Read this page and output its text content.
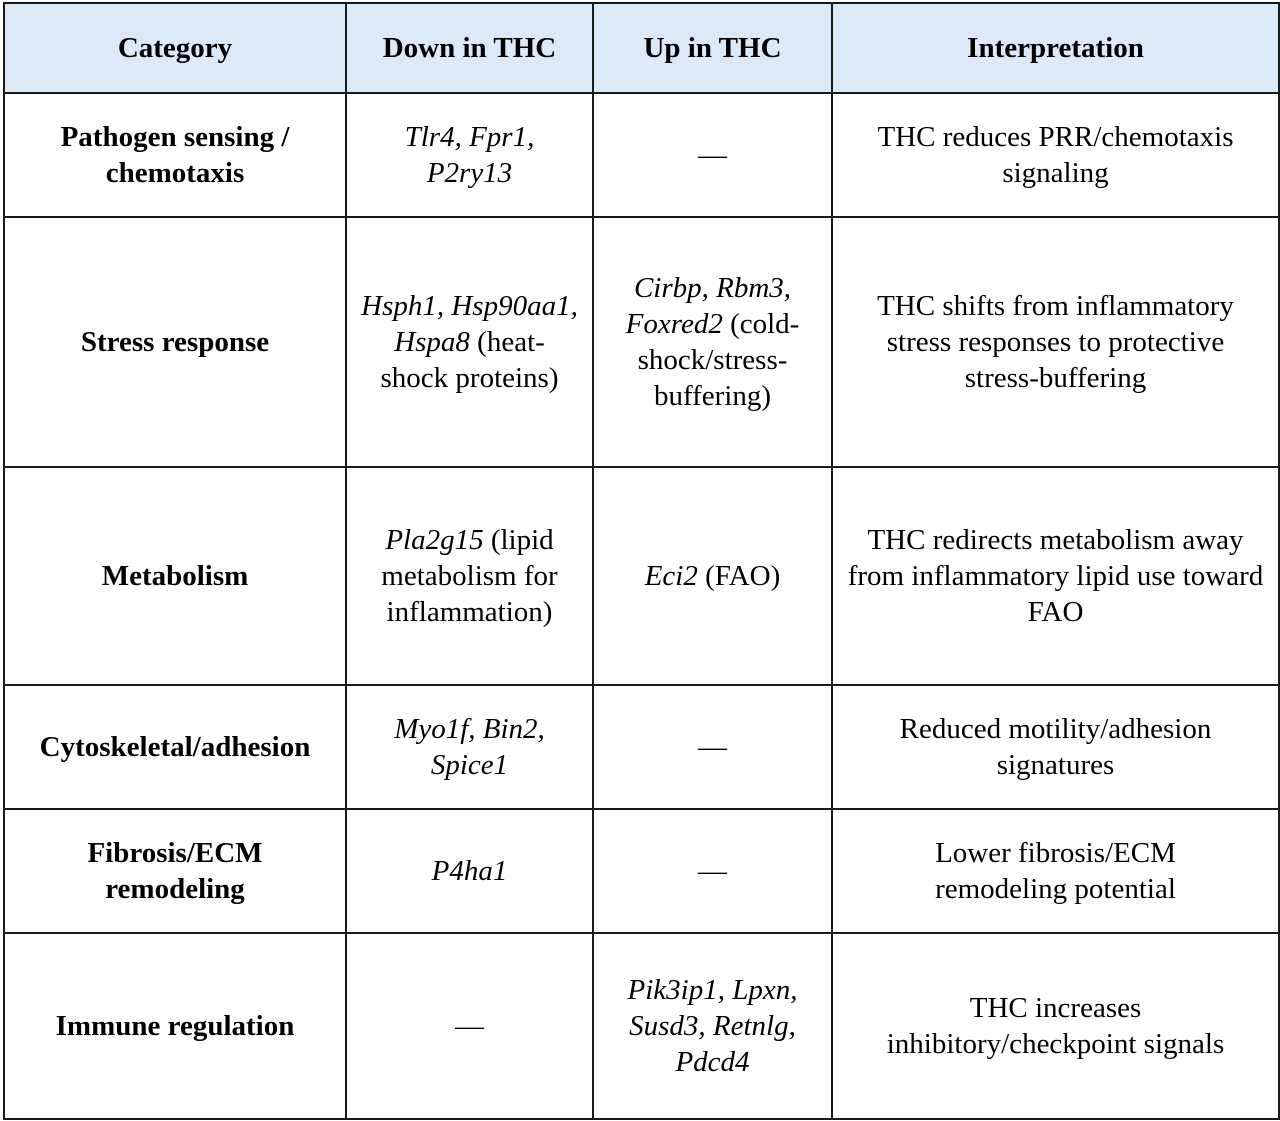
Category	Down in THC	Up in THC	Interpretation
Pathogen sensing / chemotaxis	Tlr4, Fpr1, P2ry13	—	THC reduces PRR/chemotaxis signaling
Stress response	Hsph1, Hsp90aa1, Hspa8 (heat-shock proteins)	Cirbp, Rbm3, Foxred2 (cold-shock/stress-buffering)	THC shifts from inflammatory stress responses to protective stress-buffering
Metabolism	Pla2g15 (lipid metabolism for inflammation)	Eci2 (FAO)	THC redirects metabolism away from inflammatory lipid use toward FAO
Cytoskeletal/adhesion	Myo1f, Bin2, Spice1	—	Reduced motility/adhesion signatures
Fibrosis/ECM remodeling	P4ha1	—	Lower fibrosis/ECM remodeling potential
Immune regulation	—	Pik3ip1, Lpxn, Susd3, Retnlg, Pdcd4	THC increases inhibitory/checkpoint signals
